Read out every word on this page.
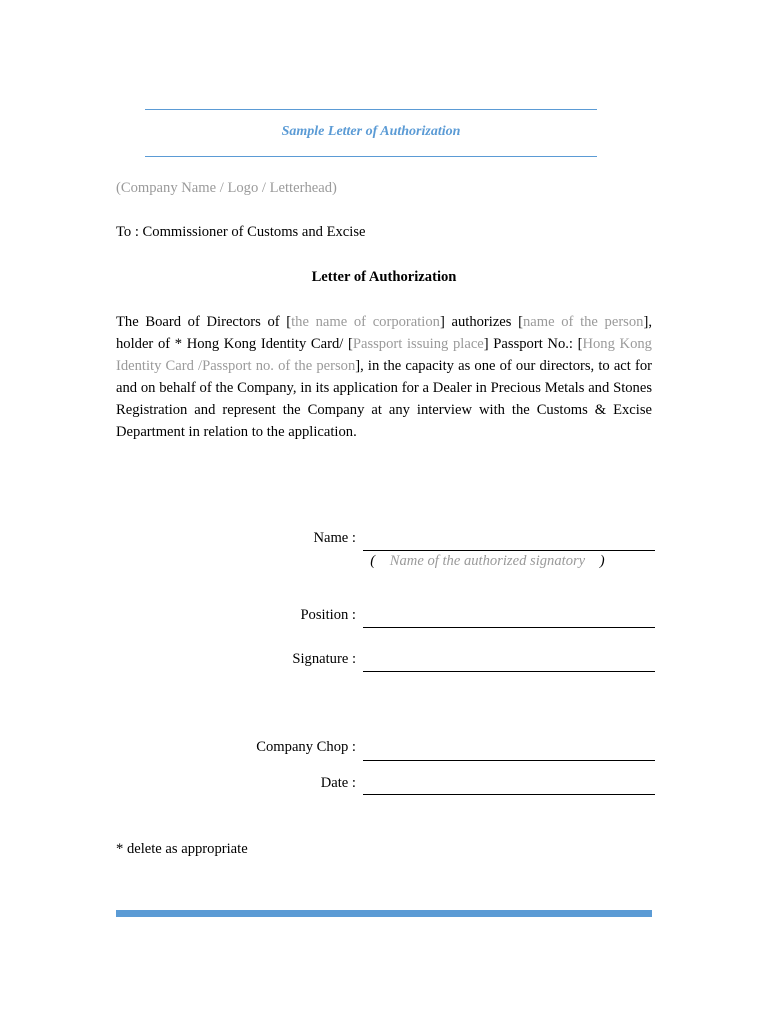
Sample Letter of Authorization
(Company Name / Logo / Letterhead)
To : Commissioner of Customs and Excise
Letter of Authorization

The Board of Directors of [the name of corporation] authorizes [name of the person], holder of * Hong Kong Identity Card/ [Passport issuing place] Passport No.: [Hong Kong Identity Card /Passport no. of the person], in the capacity as one of our directors, to act for and on behalf of the Company, in its application for a Dealer in Precious Metals and Stones Registration and represent the Company at any interview with the Customs & Excise Department in relation to the application.

Name :
( Name of the authorized signatory )
Position :
Signature :
Company Chop :
Date :
* delete as appropriate
